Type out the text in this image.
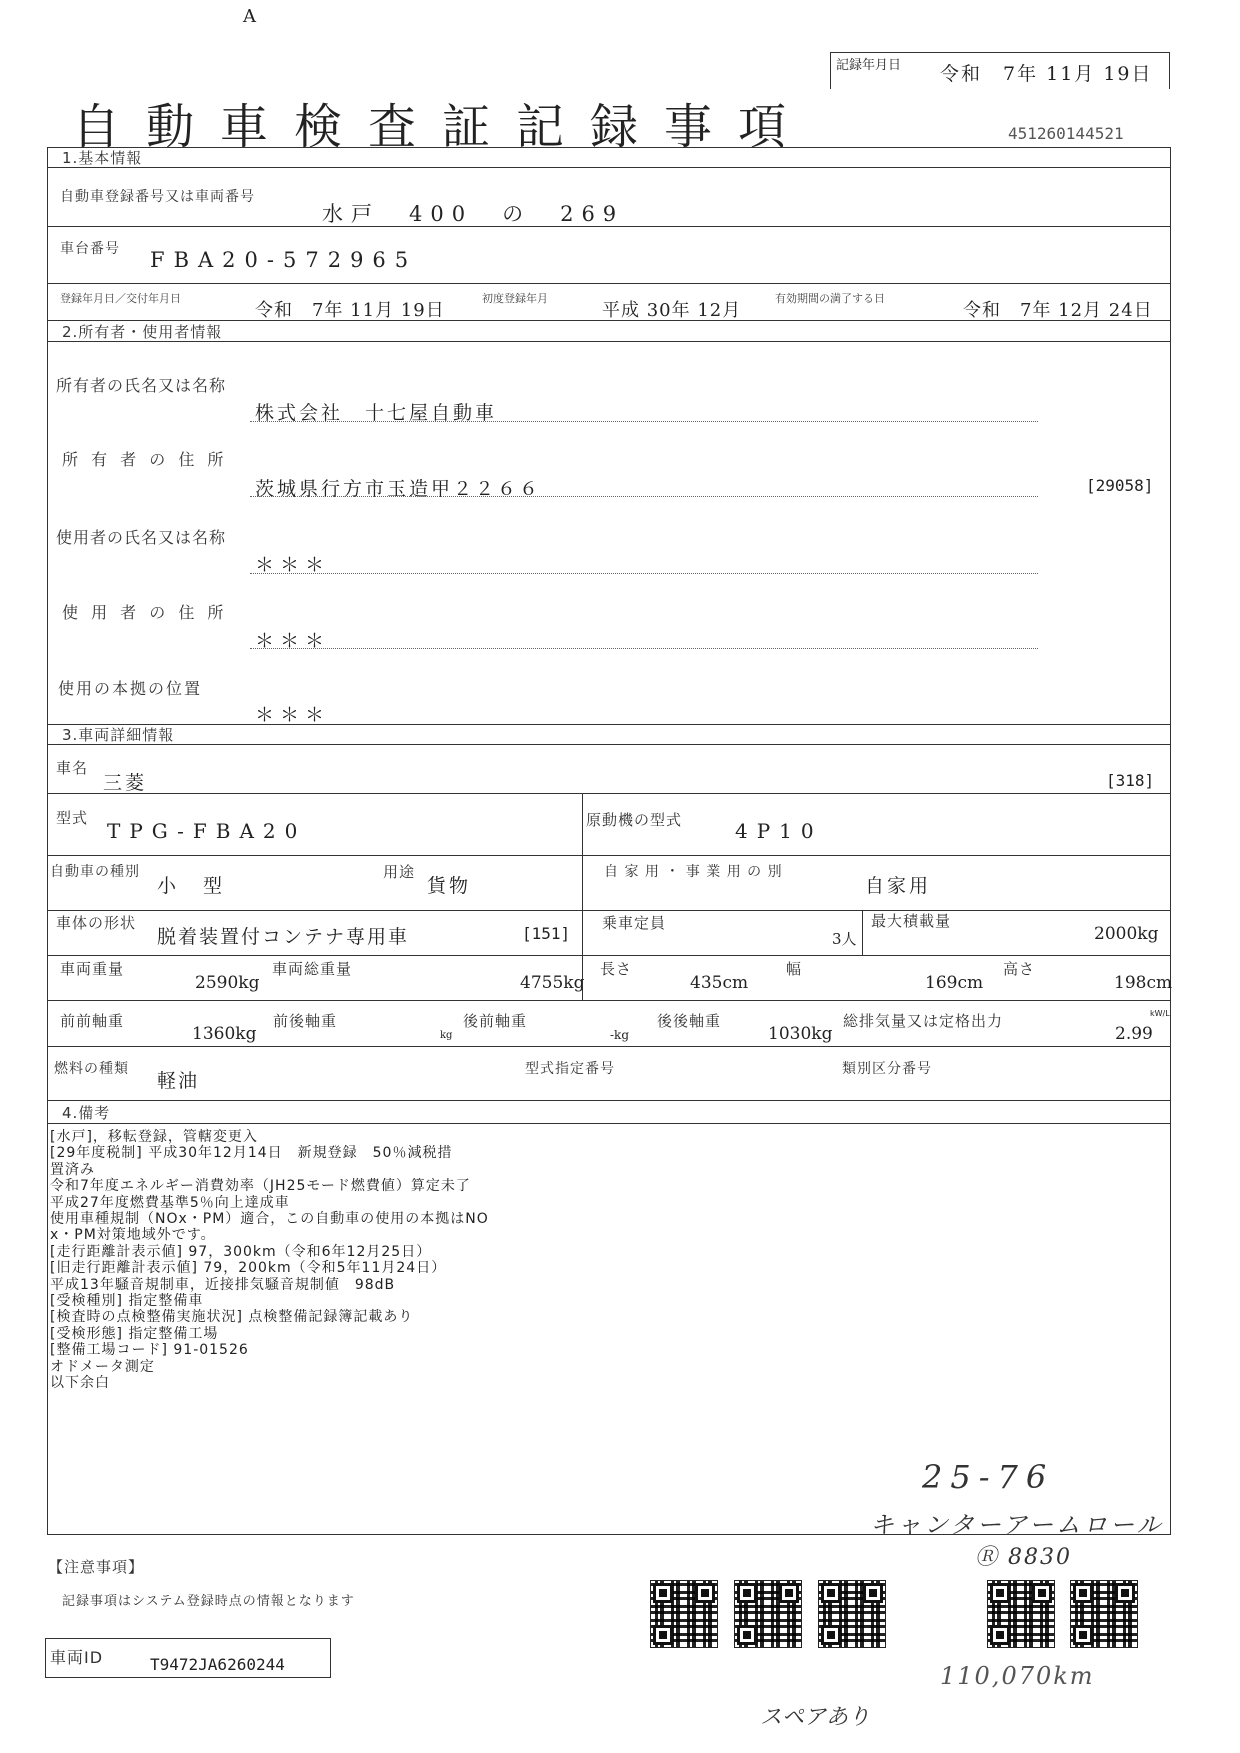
A
自動車検査証記録事項
記録年月日 令和　7年 11月 19日
451260144521
1.基本情報
自動車登録番号又は車両番号
水戸　400　の　269
車台番号 FBA20-572965
登録年月日／交付年月日
令和　7年 11月 19日
初度登録年月
平成 30年 12月
有効期間の満了する日
令和　7年 12月 24日
2.所有者・使用者情報
所有者の氏名又は名称
株式会社　十七屋自動車
所 有 者 の 住 所
茨城県行方市玉造甲２２６６	[29058]
使用者の氏名又は名称
＊＊＊
使 用 者 の 住 所
＊＊＊
使用の本拠の位置
＊＊＊
3.車両詳細情報
車名
三菱	[318]
型式
TPG-FBA20	原動機の型式	4P10
自動車の種別
小　型
用途
貨物
自 家 用 ・ 事 業 用 の 別
自家用
車体の形状
脱着装置付コンテナ専用車	[151]
乗車定員
3人
最大積載量
2000kg
車両重量
2590kg
車両総重量
4755kg
長さ
435cm
幅
169cm
高さ
198cm
前前軸重
1360kg
前後軸重
kg
後前軸重
-kg
後後軸重
1030kg
総排気量又は定格出力
2.99
kW/L
燃料の種類
軽油
型式指定番号	類別区分番号
4.備考
[水戸]，移転登録，管轄変更入
[29年度税制] 平成30年12月14日　新規登録　50％減税措
置済み
令和7年度エネルギー消費効率（JH25モード燃費値）算定未了
平成27年度燃費基準5％向上達成車
使用車種規制（NOx・PM）適合，この自動車の使用の本拠はNO
x・PM対策地域外です。
[走行距離計表示値] 97，300km（令和6年12月25日）
[旧走行距離計表示値] 79，200km（令和5年11月24日）
平成13年騒音規制車，近接排気騒音規制値　98dB
[受検種別] 指定整備車
[検査時の点検整備実施状況] 点検整備記録簿記載あり
[受検形態] 指定整備工場
[整備工場コード] 91-01526
オドメータ測定
以下余白
25-76
キャンターアームロール
Ⓡ 8830
【注意事項】
記録事項はシステム登録時点の情報となります
車両ID	T9472JA6260244
スペアあり
110,070km
